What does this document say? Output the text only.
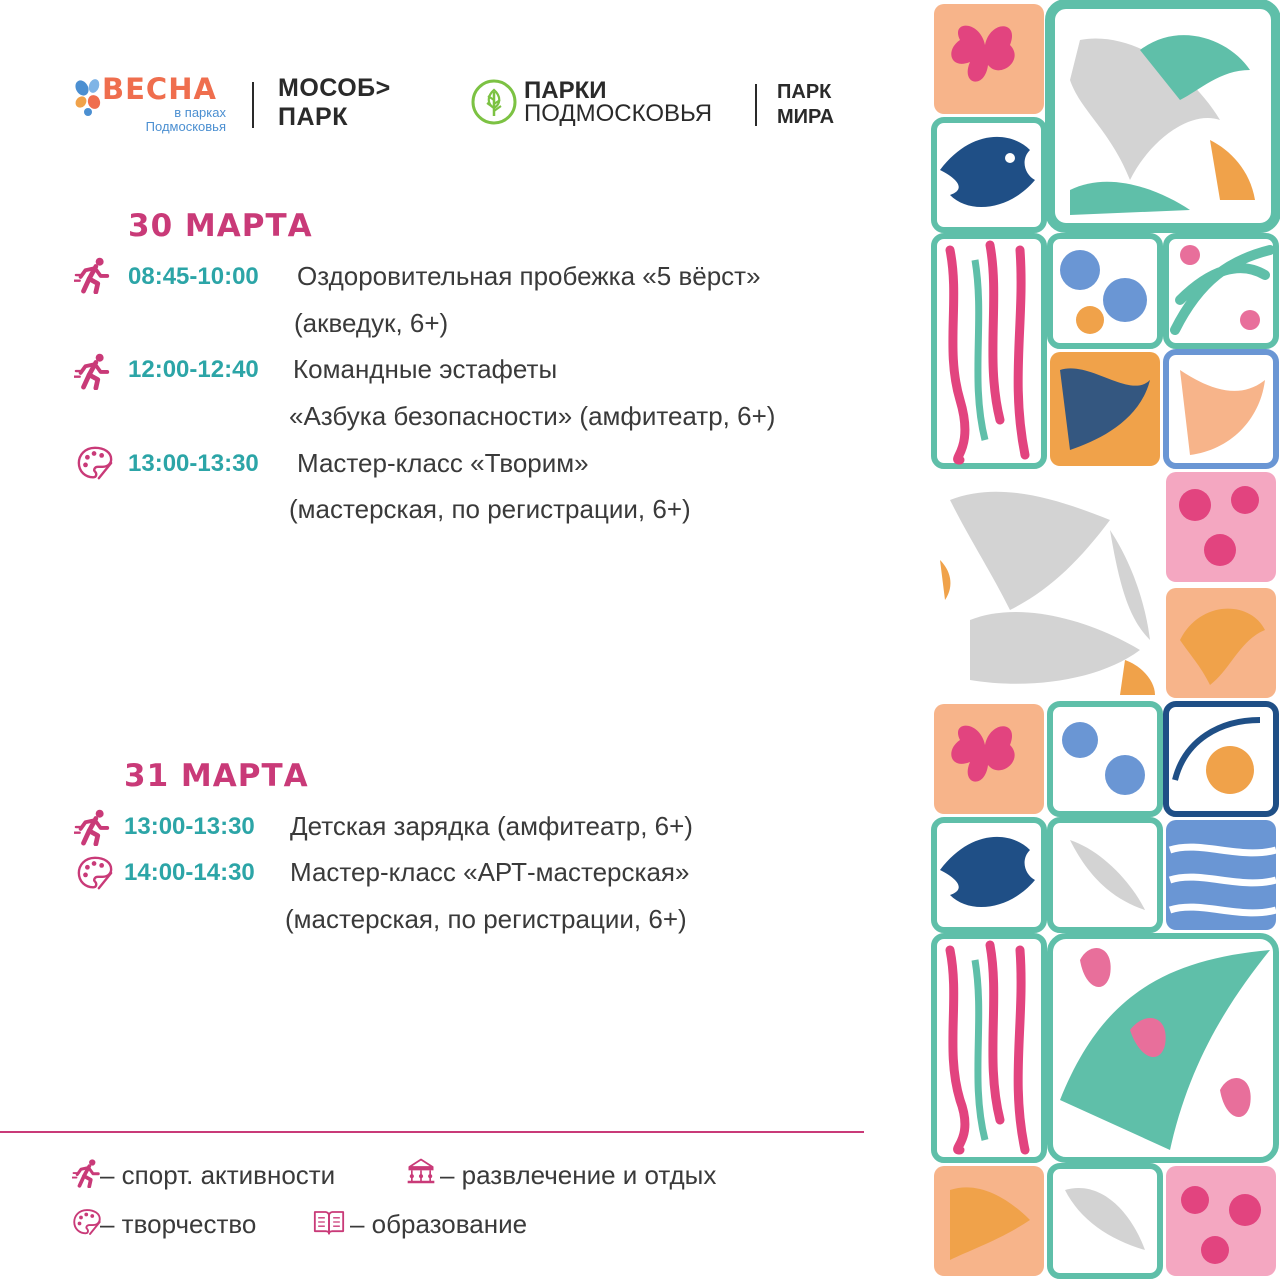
ВЕСНА
в парках
Подмосковья
МОСОБ>
ПАРК
ПАРКИ
ПОДМОСКОВЬЯ
ПАРК
МИРА
30 МАРТА
08:45-10:00 Оздоровительная пробежка «5 вёрст»
(акведук, 6+)
12:00-12:40 Командные эстафеты
«Азбука безопасности» (амфитеатр, 6+)
13:00-13:30 Мастер-класс «Творим»
(мастерская, по регистрации, 6+)
31 МАРТА
13:00-13:30 Детская зарядка (амфитеатр, 6+)
14:00-14:30 Мастер-класс «АРТ-мастерская»
(мастерская, по регистрации, 6+)
– спорт. активности	– развлечение и отдых
– творчество	– образование
